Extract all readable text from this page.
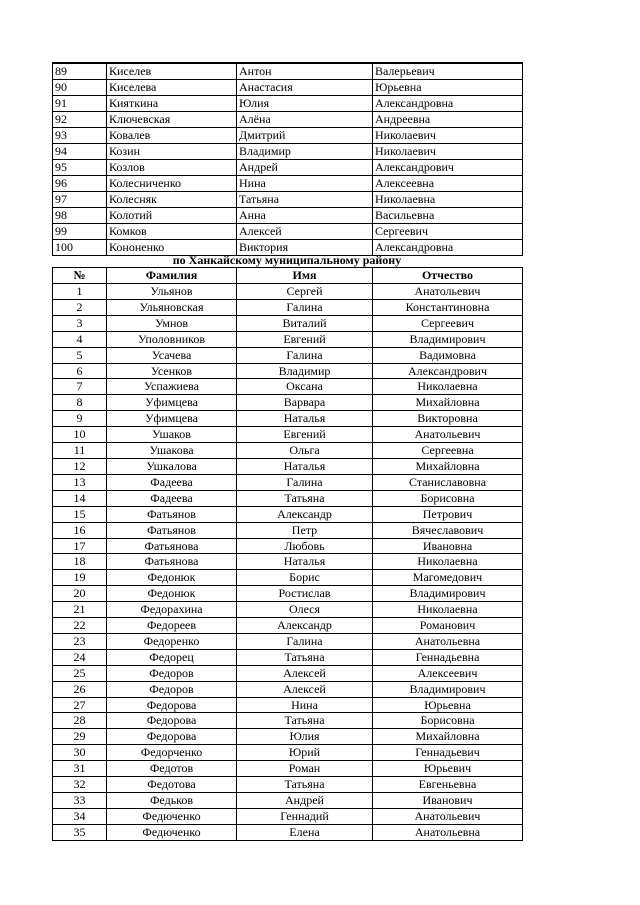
89	Киселев	Антон	Валерьевич
90	Киселева	Анастасия	Юрьевна
91	Кияткина	Юлия	Александровна
92	Ключевская	Алёна	Андреевна
93	Ковалев	Дмитрий	Николаевич
94	Козин	Владимир	Николаевич
95	Козлов	Андрей	Александрович
96	Колесниченко	Нина	Алексеевна
97	Колесняк	Татьяна	Николаевна
98	Колотий	Анна	Васильевна
99	Комков	Алексей	Сергеевич
100	Кононенко	Виктория	Александровна
по Ханкайскому муниципальному району
№	Фамилия	Имя	Отчество
1	Ульянов	Сергей	Анатольевич
2	Ульяновская	Галина	Константиновна
3	Умнов	Виталий	Сергеевич
4	Уполовников	Евгений	Владимирович
5	Усачева	Галина	Вадимовна
6	Усенков	Владимир	Александрович
7	Успажиева	Оксана	Николаевна
8	Уфимцева	Варвара	Михайловна
9	Уфимцева	Наталья	Викторовна
10	Ушаков	Евгений	Анатольевич
11	Ушакова	Ольга	Сергеевна
12	Ушкалова	Наталья	Михайловна
13	Фадеева	Галина	Станиславовна
14	Фадеева	Татьяна	Борисовна
15	Фатьянов	Александр	Петрович
16	Фатьянов	Петр	Вячеславович
17	Фатьянова	Любовь	Ивановна
18	Фатьянова	Наталья	Николаевна
19	Федонюк	Борис	Магомедович
20	Федонюк	Ростислав	Владимирович
21	Федорахина	Олеся	Николаевна
22	Федореев	Александр	Романович
23	Федоренко	Галина	Анатольевна
24	Федорец	Татьяна	Геннадьевна
25	Федоров	Алексей	Алексеевич
26	Федоров	Алексей	Владимирович
27	Федорова	Нина	Юрьевна
28	Федорова	Татьяна	Борисовна
29	Федорова	Юлия	Михайловна
30	Федорченко	Юрий	Геннадьевич
31	Федотов	Роман	Юрьевич
32	Федотова	Татьяна	Евгеньевна
33	Федьков	Андрей	Иванович
34	Федюченко	Геннадий	Анатольевич
35	Федюченко	Елена	Анатольевна
